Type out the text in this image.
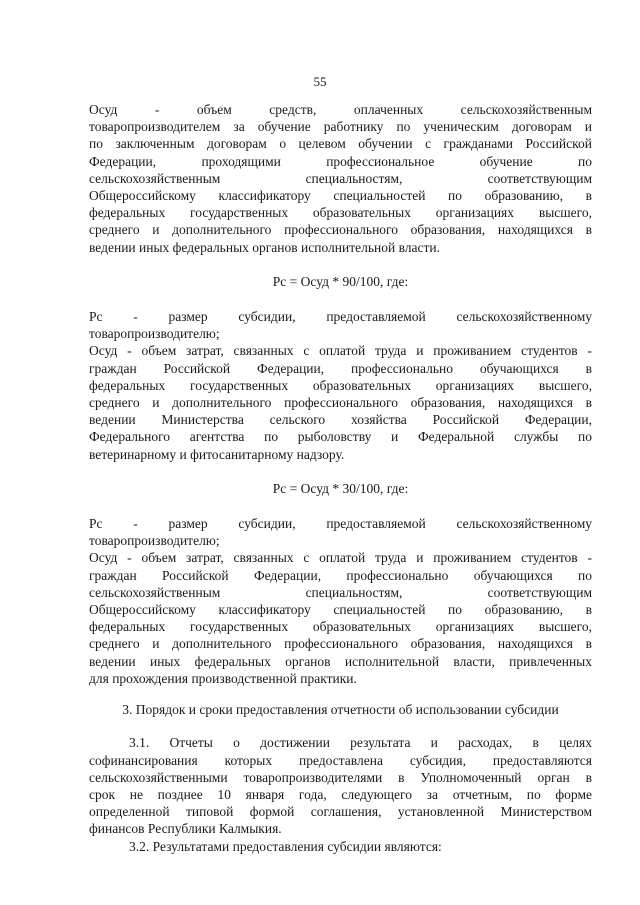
55
Осуд - объем средств, оплаченных сельскохозяйственным
товаропроизводителем за обучение работнику по ученическим договорам и
по заключенным договорам о целевом обучении с гражданами Российской
Федерации, проходящими профессиональное обучение по
сельскохозяйственным специальностям, соответствующим
Общероссийскому классификатору специальностей по образованию, в
федеральных государственных образовательных организациях высшего,
среднего и дополнительного профессионального образования, находящихся в
ведении иных федеральных органов исполнительной власти.
Рс = Осуд * 90/100, где:
Рс - размер субсидии, предоставляемой сельскохозяйственному
товаропроизводителю;
Осуд - объем затрат, связанных с оплатой труда и проживанием студентов -
граждан Российской Федерации, профессионально обучающихся в
федеральных государственных образовательных организациях высшего,
среднего и дополнительного профессионального образования, находящихся в
ведении Министерства сельского хозяйства Российской Федерации,
Федерального агентства по рыболовству и Федеральной службы по
ветеринарному и фитосанитарному надзору.
Рс = Осуд * 30/100, где:
Рс - размер субсидии, предоставляемой сельскохозяйственному
товаропроизводителю;
Осуд - объем затрат, связанных с оплатой труда и проживанием студентов -
граждан Российской Федерации, профессионально обучающихся по
сельскохозяйственным специальностям, соответствующим
Общероссийскому классификатору специальностей по образованию, в
федеральных государственных образовательных организациях высшего,
среднего и дополнительного профессионального образования, находящихся в
ведении иных федеральных органов исполнительной власти, привлеченных
для прохождения производственной практики.
3. Порядок и сроки предоставления отчетности об использовании субсидии
3.1. Отчеты о достижении результата и расходах, в целях
софинансирования которых предоставлена субсидия, предоставляются
сельскохозяйственными товаропроизводителями в Уполномоченный орган в
срок не позднее 10 января года, следующего за отчетным, по форме
определенной типовой формой соглашения, установленной Министерством
финансов Республики Калмыкия.
3.2. Результатами предоставления субсидии являются:
